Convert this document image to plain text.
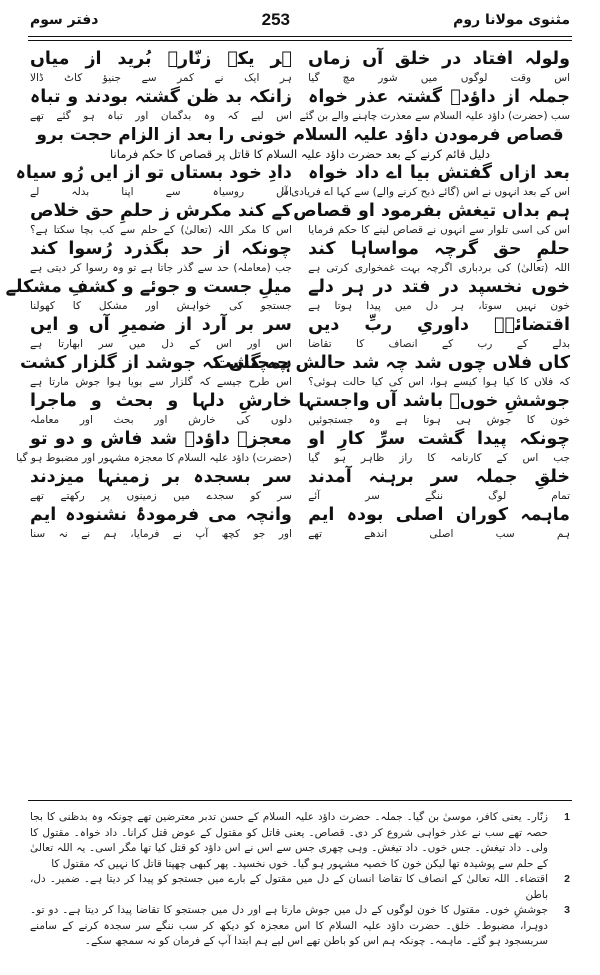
مثنوی مولانا روم
253
دفتر سوم
ولولہ افتاد در خلق آں زماں
ہر یکے زنّارؔ بُرید از میاں
اس وقت لوگوں میں شور مچ گیا
ہر ایک نے کمر سے جنیؤ کاٹ ڈالا
جملہ از داؤدؑ گشتہ عذر خواہ
زانکہ بد ظن گشتہ بودند و تباہ
سب (حضرت) داؤد علیہ السلام سے معذرت چاہنے والے بن گئے
اس لیے کہ وہ بدگمان اور تباہ ہو گئے تھے
قصاص فرمودن داؤد علیہ السلام خونی را بعد از الزام حجت برو
دلیل قائم کرنے کے بعد حضرت داؤد علیہ السلام کا قاتل پر قصاص کا حکم فرمانا
بعد ازاں گفتش بیا اے داد خواہ
دادِ خود بستاں تو از ایں رُو سیاہ
اس کے بعد انہوں نے اس (گائے ذبح کرنے والے) سے کہا اے فریادی آ!
اس روسیاہ سے اپنا بدلہ لے
ہم بداں تیغش بفرمود او قصاص
کے کند مکرش ز حلمِ حق خلاص
اس کی اسی تلوار سے انہوں نے قصاص لینے کا حکم فرمایا
اس کا مکر اللہ (تعالیٰ) کے حلم سے کب بچا سکتا ہے؟
حلمِ حق گرچہ مواساہا کند
چونکہ از حد بگذرد رُسوا کند
اللہ (تعالیٰ) کی بردباری اگرچہ بہت غمخواری کرتی ہے
جب (معاملہ) حد سے گذر جاتا ہے تو وہ رسوا کر دیتی ہے
خوں نخسپد در فتد در ہر دلے
میلِ جست و جوئے و کشفِ مشکلے
خون نہیں سوتا، ہر دل میں پیدا ہوتا ہے
جستجو کی خواہش اور مشکل کا کھولنا
اقتضائےؔ داوریِ ربِّ دیں
سر بر آرد از ضمیرِ آں و ایں
بدلے کے رب کے انصاف کا تقاضا
اس اور اس کے دل میں سر ابھارتا ہے
کاں فلاں چوں شد چہ شد حالش چہ گشت
ہمچناں کہ جوشد از گلزار کشت
کہ فلاں کا کیا ہوا کیسے ہوا، اس کی کیا حالت ہوئی؟
اس طرح جیسے کہ گلزار سے بویا ہوا جوش مارتا ہے
جوششِ خوںؔ باشد آں واجستہا
خارشِ دلہا و بحث و ماجرا
خون کا جوش ہی ہوتا ہے وہ جستجوئیں
دلوں کی خارش اور بحث اور معاملہ
چونکہ پیدا گشت سرِّ کارِ او
معجزۂ داؤدؑ شد فاش و دو تو
جب اس کے کارنامہ کا راز ظاہر ہو گیا
(حضرت) داؤد علیہ السلام کا معجزہ مشہور اور مضبوط ہو گیا
خلقِ جملہ سر برہنہ آمدند
سر بسجدہ بر زمینہا میزدند
تمام لوگ ننگے سر آئے
سر کو سجدے میں زمینوں پر رکھتے تھے
ماہمہ کوران اصلی بودہ ایم
وانچہ می فرمودۂ نشنودہ ایم
ہم سب اصلی اندھے تھے
اور جو کچھ آپ نے فرمایا، ہم نے نہ سنا
1
زنّار۔ یعنی کافر، موسیٰ بن گیا۔ جملہ۔ حضرت داؤد علیہ السلام کے حسن تدبر معترضین تھے چونکہ وہ بدظنی کا بجا حصہ تھے سب نے عذر خواہی شروع کر دی۔ قصاص۔ یعنی قاتل کو مقتول کے عوض قتل کرانا۔ داد خواہ۔ مقتول کا ولی۔ داد تیغش۔ جس خوں۔ داد تیغش۔ وہی چھری جس سے اس نے اس داؤد کو قتل کیا تھا مگر اسی۔ یہ اللہ تعالیٰ کے حلم سے پوشیدہ تھا لیکن خون کا خصیہ مشہور ہو گیا۔ خوں نخسپد۔ پھر کبھی چھپتا قاتل کا نہیں کہ مقتول کا
2
اقتضاء۔ اللہ تعالیٰ کے انصاف کا تقاضا انسان کے دل میں مقتول کے بارے میں جستجو کو پیدا کر دیتا ہے۔ ضمیر۔ دل، باطن
3
جوششِ خوں۔ مقتول کا خون لوگوں کے دل میں جوش مارتا ہے اور دل میں جستجو کا تقاضا پیدا کر دیتا ہے۔ دو تو۔ دوہرا، مضبوط۔ خلق۔ حضرت داؤد علیہ السلام کا اس معجزہ کو دیکھ کر سب ننگے سر سجدہ کرنے کے سامنے سربسجود ہو گئے۔ ماہمہ۔ چونکہ ہم اس کو باطن تھے اس لیے ہم ابتدا آپ کے فرمان کو نہ سمجھ سکے۔
